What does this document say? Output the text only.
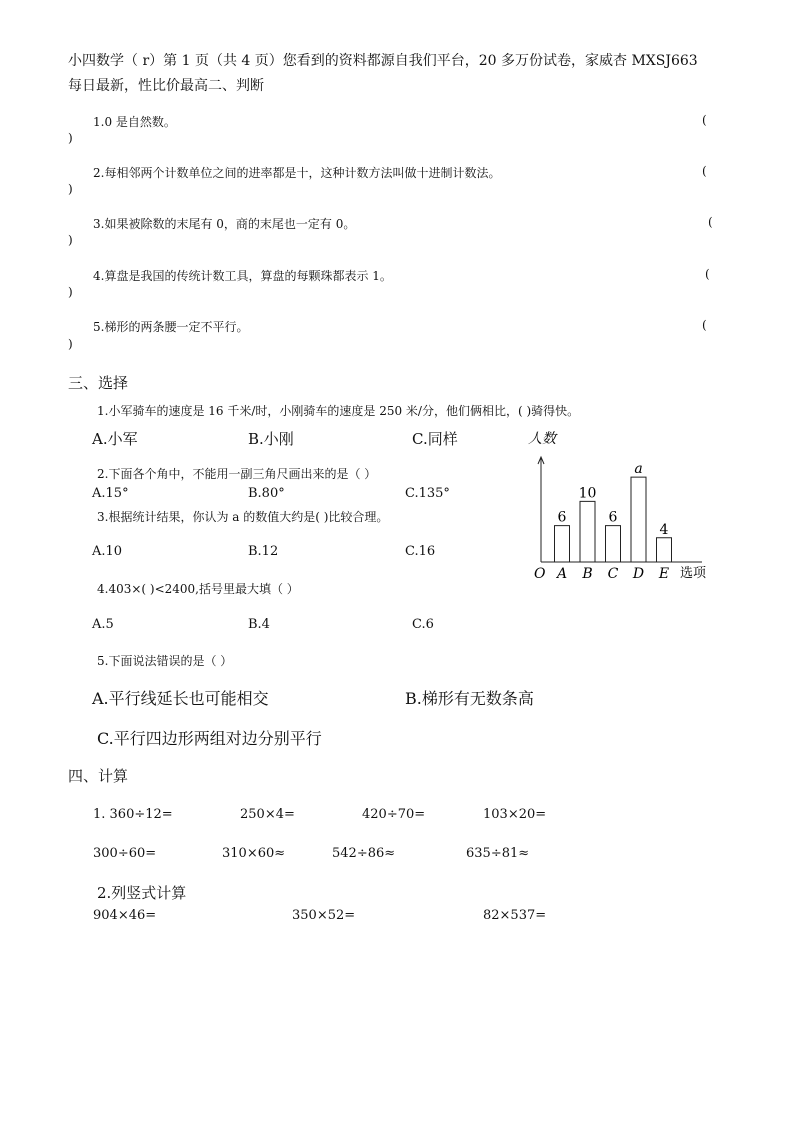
小四数学（ r）第 1 页（共 4 页）您看到的资料都源自我们平台，20 多万份试卷，家威杏 MXSJ663
每日最新，性比价最高二、判断
1.0 是自然数。	(
)
2.每相邻两个计数单位之间的进率都是十，这种计数方法叫做十进制计数法。	(
)
3.如果被除数的末尾有 0，商的末尾也一定有 0。	(
)
4.算盘是我国的传统计数工具，算盘的每颗珠都表示 1。	(
)
5.梯形的两条腰一定不平行。	(
)
三、选择
1.小军骑车的速度是 16 千米/时，小刚骑车的速度是 250 米/分，他们俩相比，( )骑得快。
A.小军	B.小刚	C.同样
2.下面各个角中，不能用一副三角尺画出来的是（ ）
A.15°	B.80°	C.135°
3.根据统计结果，你认为 a 的数值大约是( )比较合理。
A.10	B.12	C.16
4.403×( )<2400,括号里最大填（ ）
A.5	B.4	C.6
5.下面说法错误的是（ ）
A.平行线延长也可能相交	B.梯形有无数条高
C.平行四边形两组对边分别平行
人数
选项
O
6
A
10
B
6
C
a
D
4
E
四、计算
1. 360÷12=	250×4=	420÷70=	103×20=
300÷60=	310×60≈	542÷86≈	635÷81≈
2.列竖式计算
904×46=	350×52=	82×537=
